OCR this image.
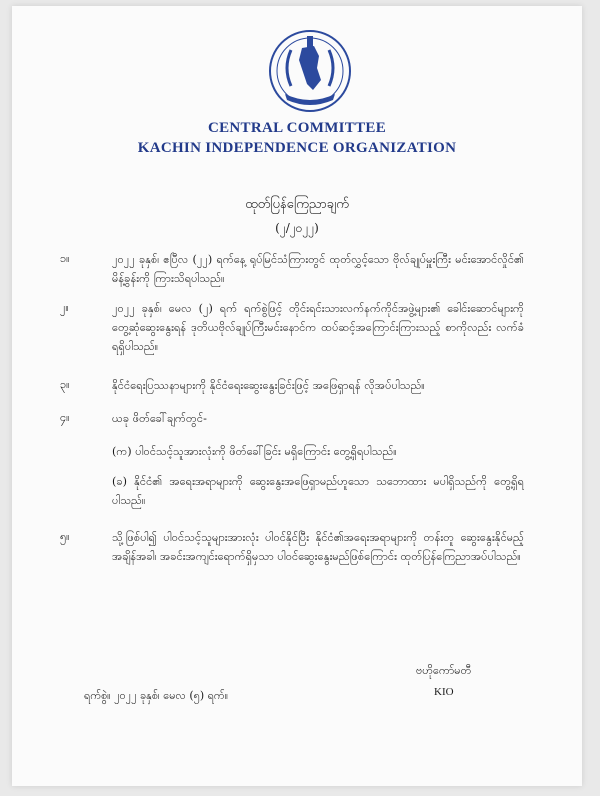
CENTRAL COMMITTEE
KACHIN INDEPENDENCE ORGANIZATION
ထုတ်ပြန်ကြေညာချက်
(၂/၂၀၂၂)
၁။	၂၀၂၂ ခုနှစ်၊ ဧပြီလ (၂၂) ရက်နေ့ ရုပ်မြင်သံကြားတွင် ထုတ်လွှင့်သော ဗိုလ်ချုပ်မှူးကြီး မင်းအောင်လှိုင်၏ မိန့်ခွန်းကို ကြားသိရပါသည်။
၂။	၂၀၂၂ ခုနှစ်၊ မေလ (၂) ရက် ရက်စွဲဖြင့် တိုင်းရင်းသားလက်နက်ကိုင်အဖွဲ့များ၏ ခေါင်းဆောင်များကို တွေ့ဆုံဆွေးနွေးရန် ဒုတိယဗိုလ်ချုပ်ကြီးမင်းနောင်က ထပ်ဆင့်အကြောင်းကြားသည့် စာကိုလည်း လက်ခံရရှိပါသည်။
၃။	နိုင်ငံရေးပြဿနာများကို နိုင်ငံရေးဆွေးနွေးခြင်းဖြင့် အဖြေရှာရန် လိုအပ်ပါသည်။
၄။	ယခု ဖိတ်ခေါ်ချက်တွင်-
(က) ပါဝင်သင့်သူအားလုံးကို ဖိတ်ခေါ်ခြင်း မရှိကြောင်း တွေ့ရှိရပါသည်။
(ခ) နိုင်ငံ၏ အရေးအရာများကို ဆွေးနွေးအဖြေရှာမည်ဟူသော သဘောထား မပါရှိသည်ကို တွေ့ရှိရပါသည်။
၅။	သို့ဖြစ်ပါ၍ ပါဝင်သင့်သူများအားလုံး ပါဝင်နိုင်ပြီး နိုင်ငံ၏အရေးအရာများကို တန်းတူ ဆွေးနွေးနိုင်မည့် အချိန်အခါ၊ အခင်းအကျင်းရောက်ရှိမှသာ ပါဝင်ဆွေးနွေးမည်ဖြစ်ကြောင်း ထုတ်ပြန်ကြေညာအပ်ပါသည်။
ဗဟိုကော်မတီ
KIO
ရက်စွဲ။ ၂၀၂၂ ခုနှစ်၊ မေလ (၅) ရက်။
